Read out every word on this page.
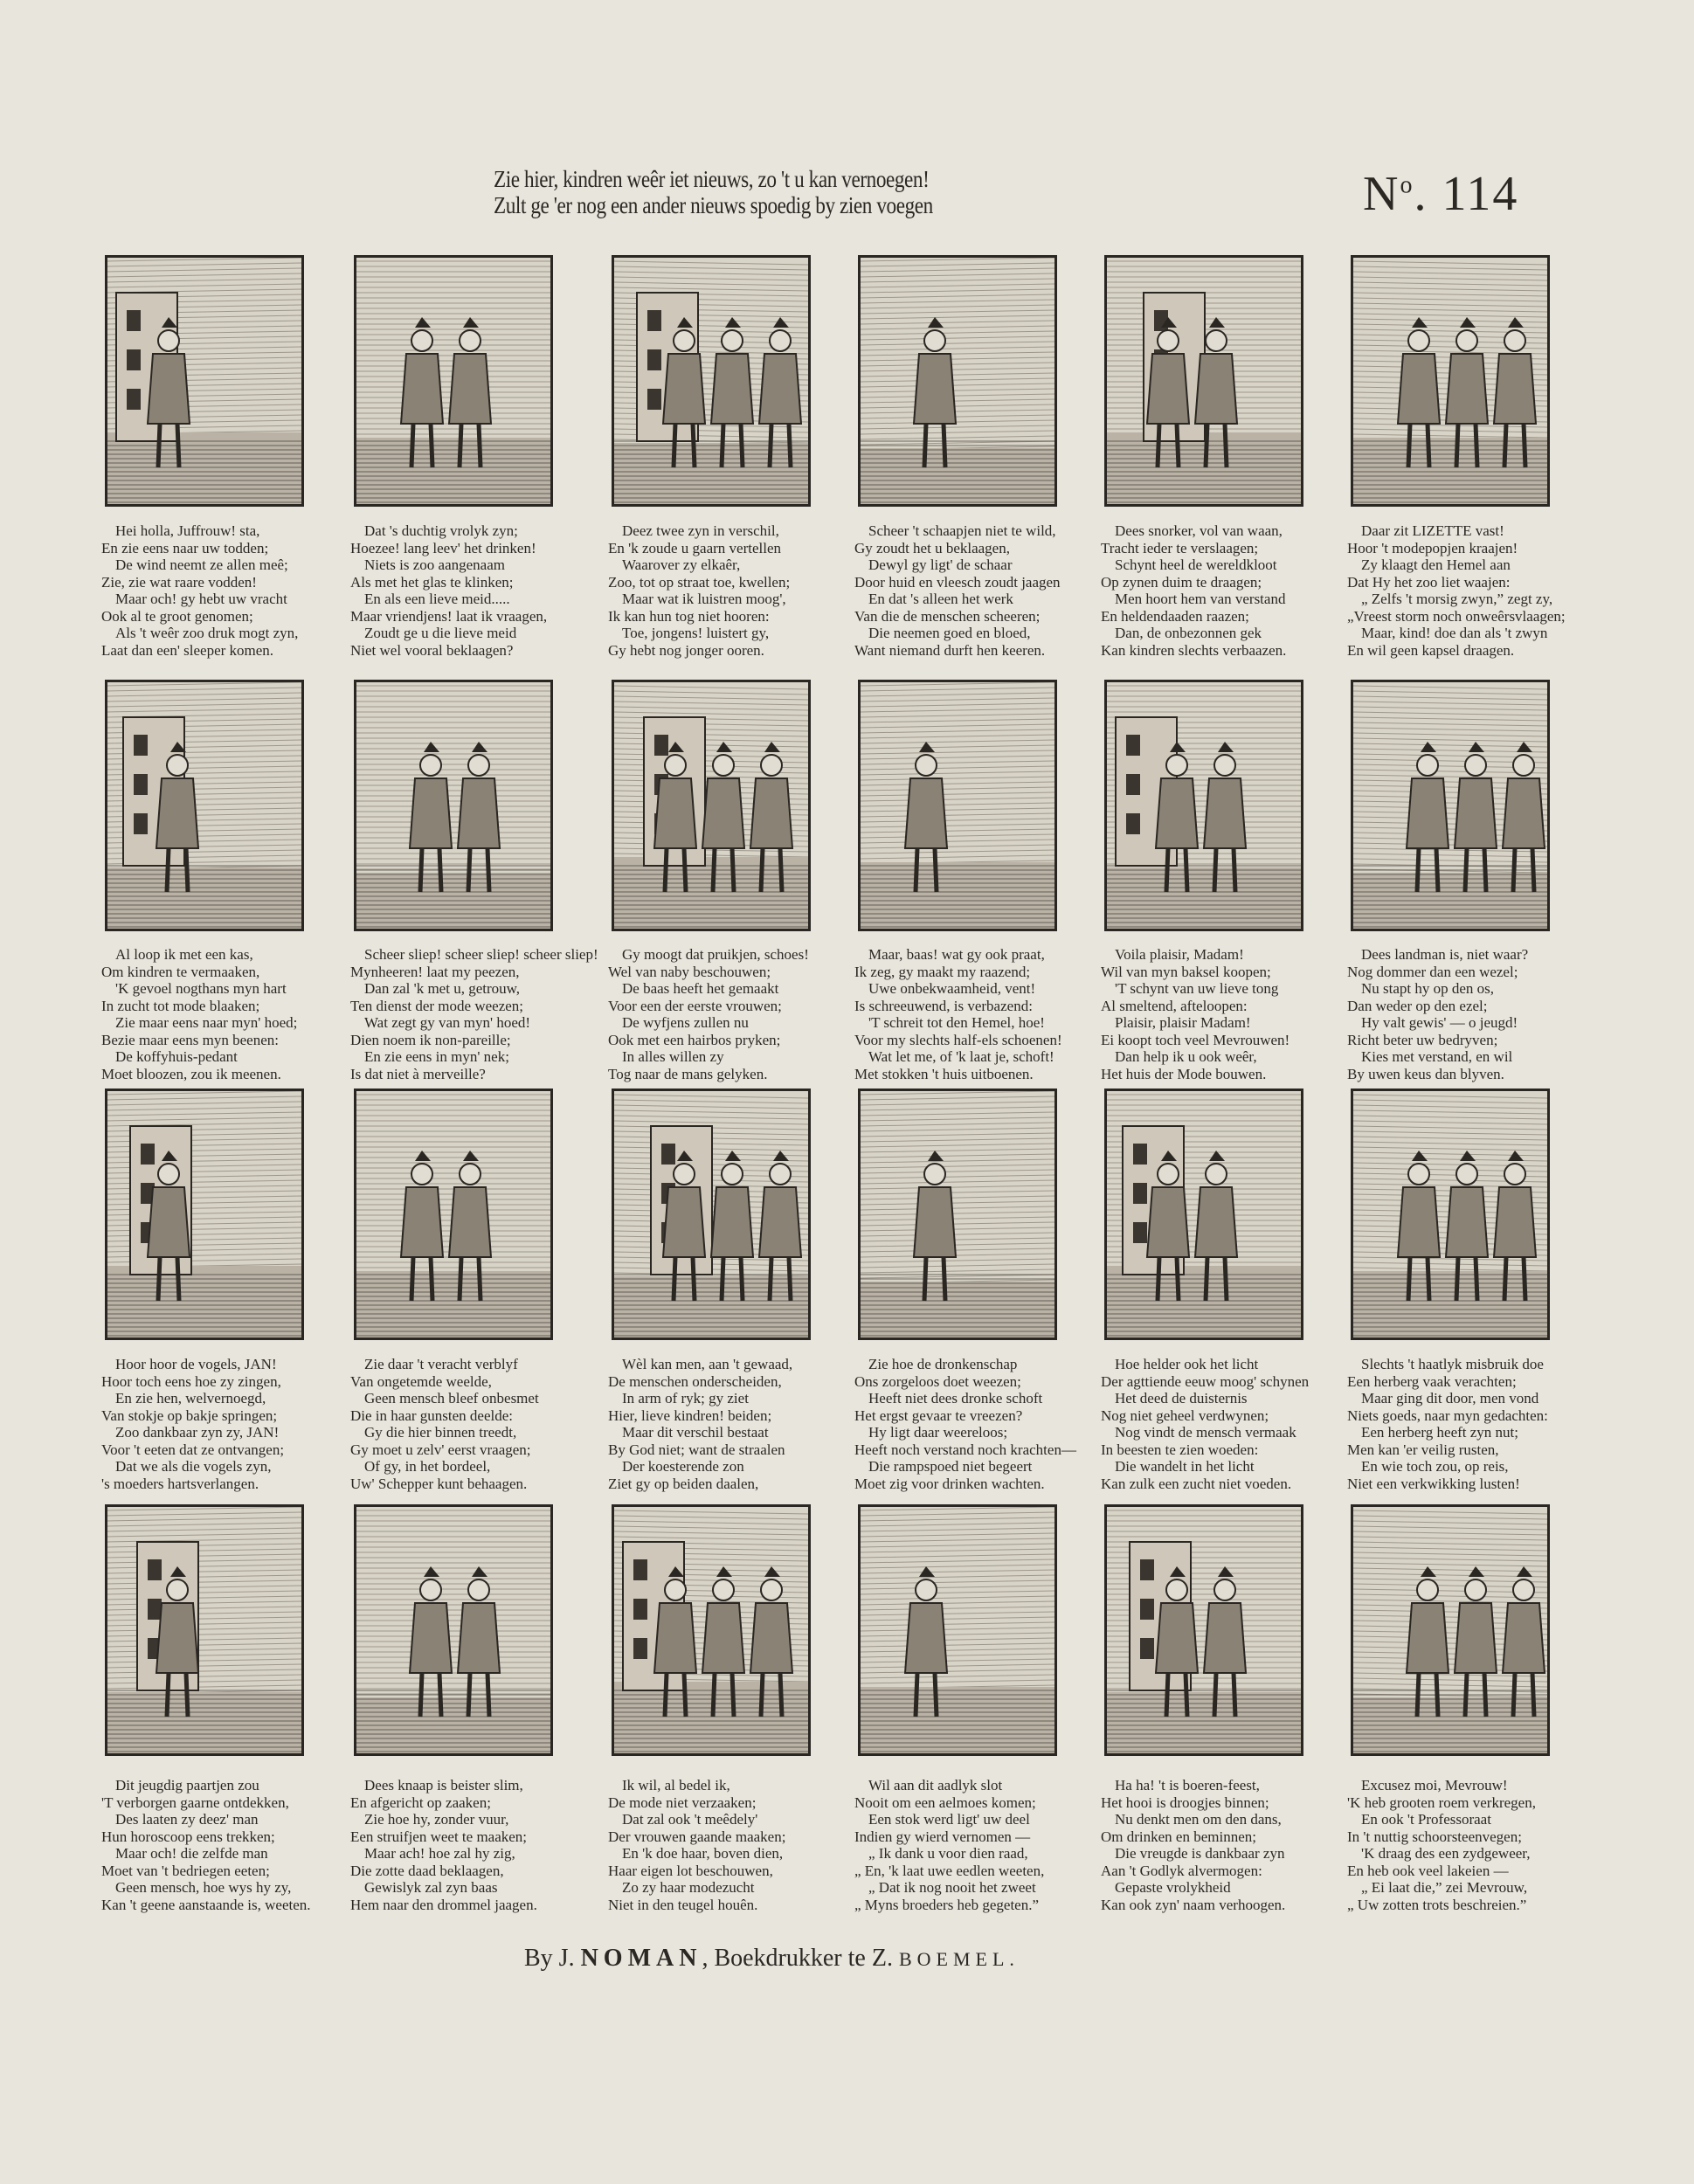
Zie hier, kindren weêr iet nieuws, zo 't u kan vernoegen!
Zult ge 'er nog een ander nieuws spoedig by zien voegen	$N^o$. 114
Hei holla, Juffrouw! sta,
En zie eens naar uw todden;
De wind neemt ze allen meê;
Zie, zie wat raare vodden!
Maar och! gy hebt uw vracht
Ook al te groot genomen;
Als 't weêr zoo druk mogt zyn,
Laat dan een' sleeper komen.
Dat 's duchtig vrolyk zyn;
Hoezee! lang leev' het drinken!
Niets is zoo aangenaam
Als met het glas te klinken;
En als een lieve meid.....
Maar vriendjens! laat ik vraagen,
Zoudt ge u die lieve meid
Niet wel vooral beklaagen?
Deez twee zyn in verschil,
En 'k zoude u gaarn vertellen
Waarover zy elkaêr,
Zoo, tot op straat toe, kwellen;
Maar wat ik luistren moog',
Ik kan hun tog niet hooren:
Toe, jongens! luistert gy,
Gy hebt nog jonger ooren.
Scheer 't schaapjen niet te wild,
Gy zoudt het u beklaagen,
Dewyl gy ligt' de schaar
Door huid en vleesch zoudt jaagen
En dat 's alleen het werk
Van die de menschen scheeren;
Die neemen goed en bloed,
Want niemand durft hen keeren.
Dees snorker, vol van waan,
Tracht ieder te verslaagen;
Schynt heel de wereldkloot
Op zynen duim te draagen;
Men hoort hem van verstand
En heldendaaden raazen;
Dan, de onbezonnen gek
Kan kindren slechts verbaazen.
Daar zit LIZETTE vast!
Hoor 't modepopjen kraajen!
Zy klaagt den Hemel aan
Dat Hy het zoo liet waajen:
„ Zelfs 't morsig zwyn,” zegt zy,
„Vreest storm noch onweêrsvlaagen;
Maar, kind! doe dan als 't zwyn
En wil geen kapsel draagen.
Al loop ik met een kas,
Om kindren te vermaaken,
'K gevoel nogthans myn hart
In zucht tot mode blaaken;
Zie maar eens naar myn' hoed;
Bezie maar eens myn beenen:
De koffyhuis-pedant
Moet bloozen, zou ik meenen.
Scheer sliep! scheer sliep! scheer sliep!
Mynheeren! laat my peezen,
Dan zal 'k met u, getrouw,
Ten dienst der mode weezen;
Wat zegt gy van myn' hoed!
Dien noem ik non-pareille;
En zie eens in myn' nek;
Is dat niet à merveille?
Gy moogt dat pruikjen, schoes!
Wel van naby beschouwen;
De baas heeft het gemaakt
Voor een der eerste vrouwen;
De wyfjens zullen nu
Ook met een hairbos pryken;
In alles willen zy
Tog naar de mans gelyken.
Maar, baas! wat gy ook praat,
Ik zeg, gy maakt my raazend;
Uwe onbekwaamheid, vent!
Is schreeuwend, is verbazend:
'T schreit tot den Hemel, hoe!
Voor my slechts half-els schoenen!
Wat let me, of 'k laat je, schoft!
Met stokken 't huis uitboenen.
Voila plaisir, Madam!
Wil van myn baksel koopen;
'T schynt van uw lieve tong
Al smeltend, afteloopen:
Plaisir, plaisir Madam!
Ei koopt toch veel Mevrouwen!
Dan help ik u ook weêr,
Het huis der Mode bouwen.
Dees landman is, niet waar?
Nog dommer dan een wezel;
Nu stapt hy op den os,
Dan weder op den ezel;
Hy valt gewis' — o jeugd!
Richt beter uw bedryven;
Kies met verstand, en wil
By uwen keus dan blyven.
Hoor hoor de vogels, JAN!
Hoor toch eens hoe zy zingen,
En zie hen, welvernoegd,
Van stokje op bakje springen;
Zoo dankbaar zyn zy, JAN!
Voor 't eeten dat ze ontvangen;
Dat we als die vogels zyn,
's moeders hartsverlangen.
Zie daar 't veracht verblyf
Van ongetemde weelde,
Geen mensch bleef onbesmet
Die in haar gunsten deelde:
Gy die hier binnen treedt,
Gy moet u zelv' eerst vraagen;
Of gy, in het bordeel,
Uw' Schepper kunt behaagen.
Wèl kan men, aan 't gewaad,
De menschen onderscheiden,
In arm of ryk; gy ziet
Hier, lieve kindren! beiden;
Maar dit verschil bestaat
By God niet; want de straalen
Der koesterende zon
Ziet gy op beiden daalen,
Zie hoe de dronkenschap
Ons zorgeloos doet weezen;
Heeft niet dees dronke schoft
Het ergst gevaar te vreezen?
Hy ligt daar weereloos;
Heeft noch verstand noch krachten—
Die rampspoed niet begeert
Moet zig voor drinken wachten.
Hoe helder ook het licht
Der agttiende eeuw moog' schynen
Het deed de duisternis
Nog niet geheel verdwynen;
Nog vindt de mensch vermaak
In beesten te zien woeden:
Die wandelt in het licht
Kan zulk een zucht niet voeden.
Slechts 't haatlyk misbruik doe
Een herberg vaak verachten;
Maar ging dit door, men vond
Niets goeds, naar myn gedachten:
Een herberg heeft zyn nut;
Men kan 'er veilig rusten,
En wie toch zou, op reis,
Niet een verkwikking lusten!
Dit jeugdig paartjen zou
'T verborgen gaarne ontdekken,
Des laaten zy deez' man
Hun horoscoop eens trekken;
Maar och! die zelfde man
Moet van 't bedriegen eeten;
Geen mensch, hoe wys hy zy,
Kan 't geene aanstaande is, weeten.
Dees knaap is beister slim,
En afgericht op zaaken;
Zie hoe hy, zonder vuur,
Een struifjen weet te maaken;
Maar ach! hoe zal hy zig,
Die zotte daad beklaagen,
Gewislyk zal zyn baas
Hem naar den drommel jaagen.
Ik wil, al bedel ik,
De mode niet verzaaken;
Dat zal ook 't meêdely'
Der vrouwen gaande maaken;
En 'k doe haar, boven dien,
Haar eigen lot beschouwen,
Zo zy haar modezucht
Niet in den teugel houên.
Wil aan dit aadlyk slot
Nooit om een aelmoes komen;
Een stok werd ligt' uw deel
Indien gy wierd vernomen —
„ Ik dank u voor dien raad,
„ En, 'k laat uwe eedlen weeten,
„ Dat ik nog nooit het zweet
„ Myns broeders heb gegeten.”
Ha ha! 't is boeren-feest,
Het hooi is droogjes binnen;
Nu denkt men om den dans,
Om drinken en beminnen;
Die vreugde is dankbaar zyn
Aan 't Godlyk alvermogen:
Gepaste vrolykheid
Kan ook zyn' naam verhoogen.
Excusez moi, Mevrouw!
'K heb grooten roem verkregen,
En ook 't Professoraat
In 't nuttig schoorsteenvegen;
'K draag des een zydgeweer,
En heb ook veel lakeien —
„ Ei laat die,” zei Mevrouw,
„ Uw zotten trots beschreien.”
By J. NOMAN, Boekdrukker te Z. BOEMEL.
